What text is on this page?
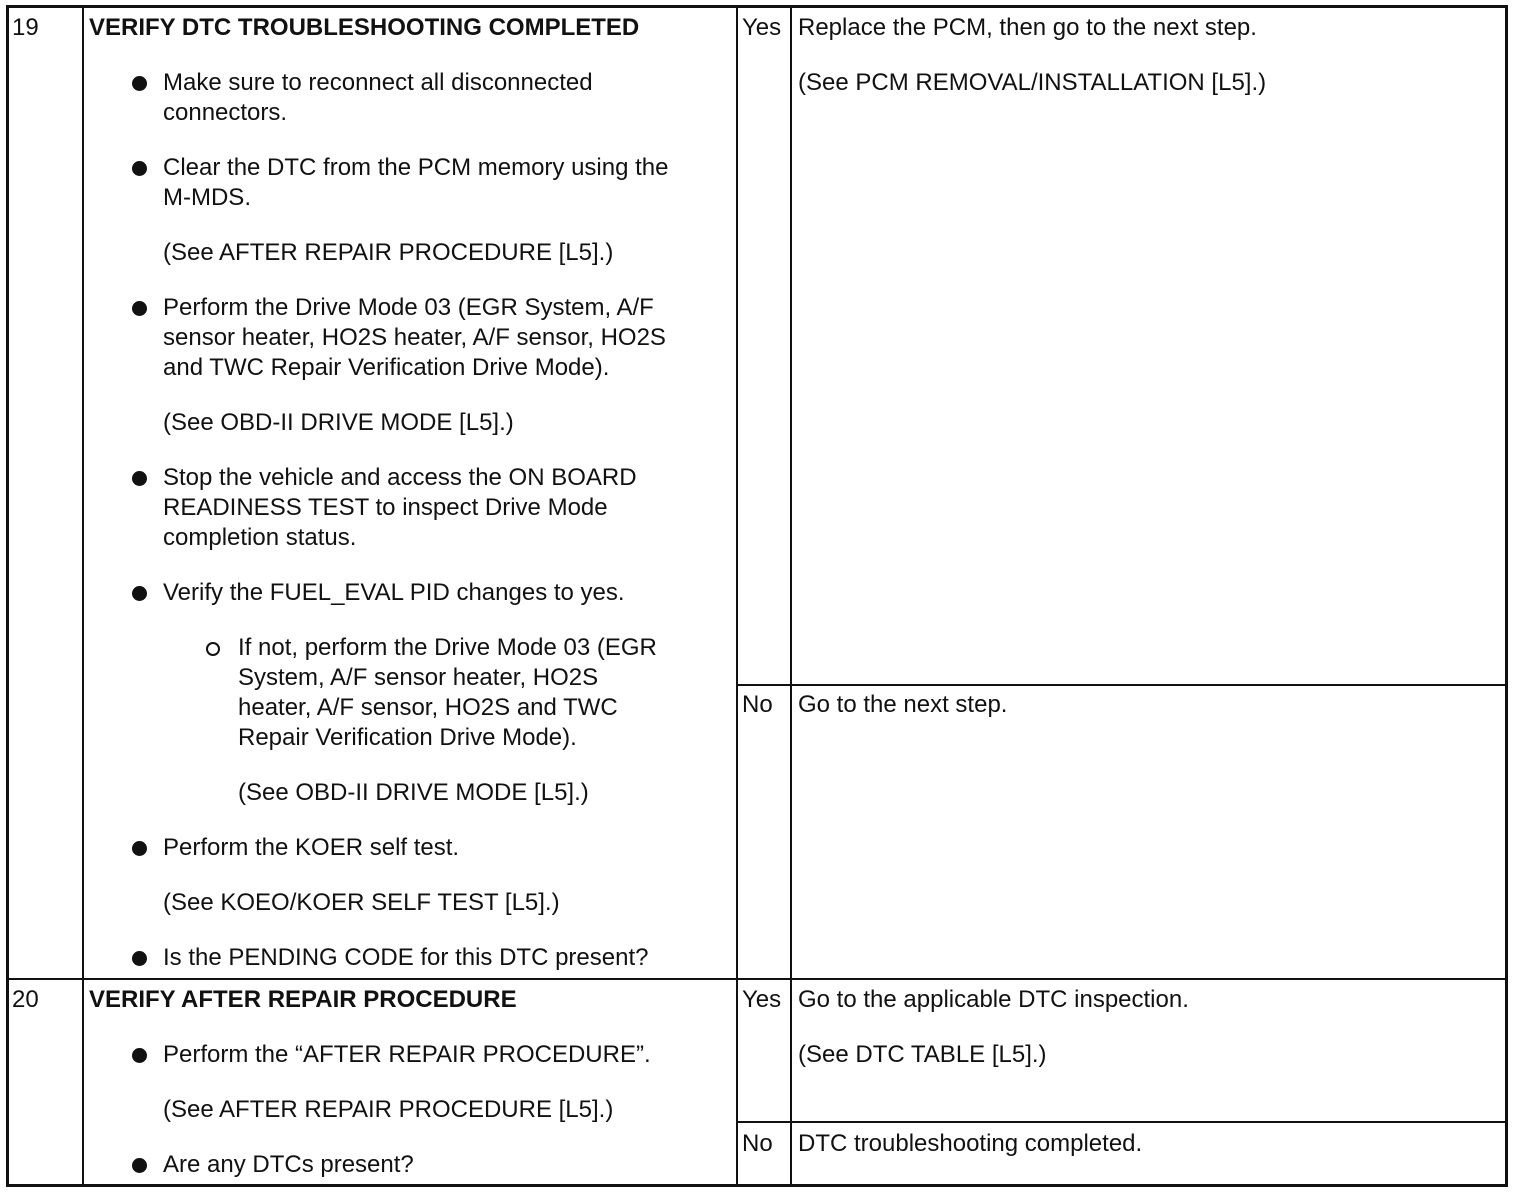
19 VERIFY DTC TROUBLESHOOTING COMPLETED
Make sure to reconnect all disconnected
connectors.
Clear the DTC from the PCM memory using the
M-MDS.
(See AFTER REPAIR PROCEDURE [L5].)
Perform the Drive Mode 03 (EGR System, A/F
sensor heater, HO2S heater, A/F sensor, HO2S
and TWC Repair Verification Drive Mode).
(See OBD-II DRIVE MODE [L5].)
Stop the vehicle and access the ON BOARD
READINESS TEST to inspect Drive Mode
completion status.
Verify the FUEL_EVAL PID changes to yes.
If not, perform the Drive Mode 03 (EGR
System, A/F sensor heater, HO2S
heater, A/F sensor, HO2S and TWC
Repair Verification Drive Mode).
(See OBD-II DRIVE MODE [L5].)
Perform the KOER self test.
(See KOEO/KOER SELF TEST [L5].)
Is the PENDING CODE for this DTC present?
Yes Replace the PCM, then go to the next step.
(See PCM REMOVAL/INSTALLATION [L5].)
No Go to the next step.
20 VERIFY AFTER REPAIR PROCEDURE
Perform the “AFTER REPAIR PROCEDURE”.
(See AFTER REPAIR PROCEDURE [L5].)
Are any DTCs present?
Yes Go to the applicable DTC inspection.
(See DTC TABLE [L5].)
No DTC troubleshooting completed.
